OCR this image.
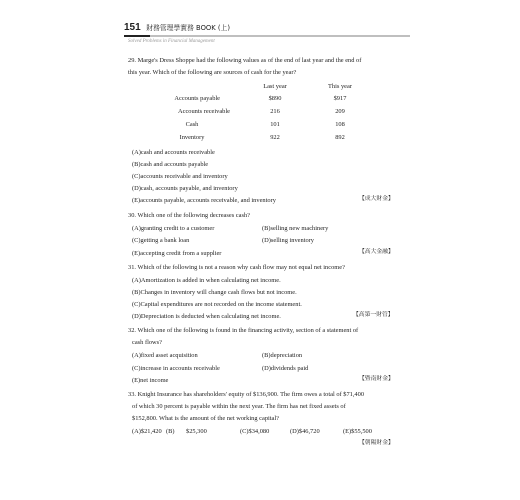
151 財務管理學實務 BOOK (上)
Solved Problems in Financial Management
29. Marge's Dress Shoppe had the following values as of the end of last year and the end of
this year. Which of the following are sources of cash for the year?
Last year	This year
Accounts payable	$890	$917
Accounts receivable	216	209
Cash	101	108
Inventory	922	892
(A)cash and accounts receivable
(B)cash and accounts payable
(C)accounts receivable and inventory
(D)cash, accounts payable, and inventory
(E)accounts payable, accounts receivable, and inventory	【成大財金】
30. Which one of the following decreases cash?
(A)granting credit to a customer	(B)selling new machinery
(C)getting a bank loan	(D)selling inventory
(E)accepting credit from a supplier	【高大金融】
31. Which of the following is not a reason why cash flow may not equal net income?
(A)Amortization is added in when calculating net income.
(B)Changes in inventory will change cash flows but not income.
(C)Capital expenditures are not recorded on the income statement.
(D)Depreciation is deducted when calculating net income.	【高第一財管】
32. Which one of the following is found in the financing activity, section of a statement of
cash flows?
(A)fixed asset acquisition	(B)depreciation
(C)increase in accounts receivable	(D)dividends paid
(E)net income	【暨南財金】
33. Knight Insurance has shareholders' equity of $136,900. The firm owes a total of $71,400
of which 30 percent is payable within the next year. The firm has net fixed assets of
$152,800. What is the amount of the net working capital?
(A)$21,420 (B) $25,300	(C)$34,080	(D)$46,720	(E)$55,500
【朝陽財金】
